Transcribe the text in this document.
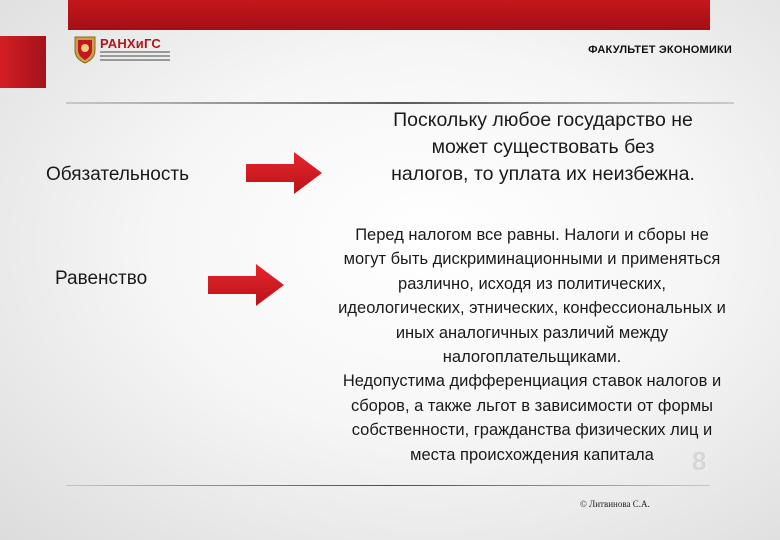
РАНХиГС	ФАКУЛЬТЕТ ЭКОНОМИКИ
Обязательность
Поскольку любое государство не
может существовать без
налогов, то уплата их неизбежна.
Равенство
Перед налогом все равны. Налоги и сборы не
могут быть дискриминационными и применяться
различно, исходя из политических,
идеологических, этнических, конфессиональных и
иных аналогичных различий между
налогоплательщиками.
Недопустима дифференциация ставок налогов и
сборов, а также льгот в зависимости от формы
собственности, гражданства физических лиц и
места происхождения капитала	8
© Литвинова С.А.
